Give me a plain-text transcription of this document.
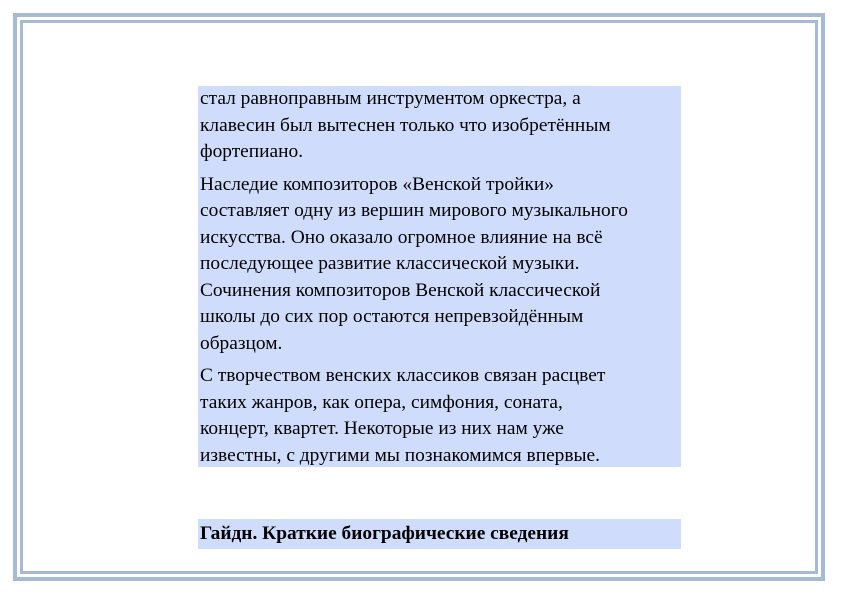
стал равноправным инструментом оркестра, а
клавесин был вытеснен только что изобретённым
фортепиано.

Наследие композиторов «Венской тройки»
составляет одну из вершин мирового музыкального
искусства. Оно оказало огромное влияние на всё
последующее развитие классической музыки.
Сочинения композиторов Венской классической
школы до сих пор остаются непревзойдённым
образцом.

С творчеством венских классиков связан расцвет
таких жанров, как опера, симфония, соната,
концерт, квартет. Некоторые из них нам уже
известны, с другими мы познакомимся впервые.

Гайдн. Краткие биографические сведения
